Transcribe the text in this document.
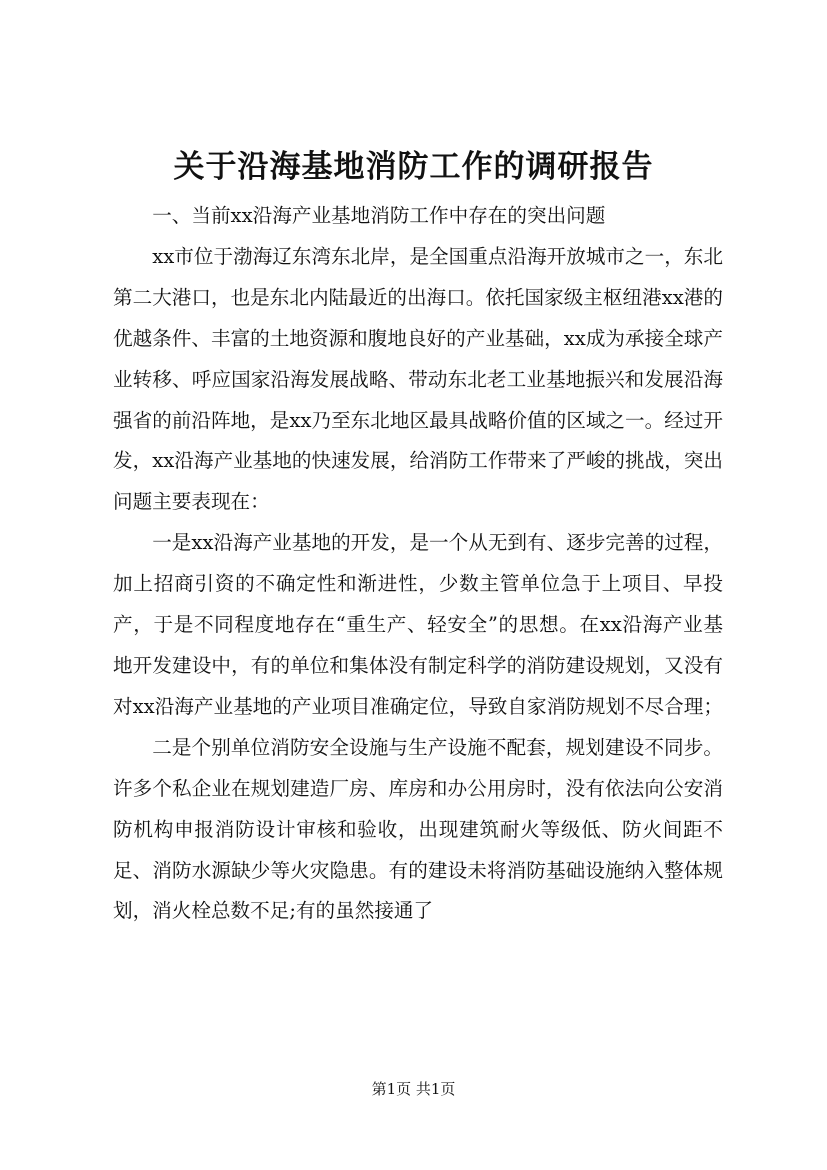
关于沿海基地消防工作的调研报告

一、当前xx沿海产业基地消防工作中存在的突出问题

xx市位于渤海辽东湾东北岸，是全国重点沿海开放城市之一，东北第二大港口，也是东北内陆最近的出海口。依托国家级主枢纽港xx港的优越条件、丰富的土地资源和腹地良好的产业基础，xx成为承接全球产业转移、呼应国家沿海发展战略、带动东北老工业基地振兴和发展沿海强省的前沿阵地，是xx乃至东北地区最具战略价值的区域之一。经过开发，xx沿海产业基地的快速发展，给消防工作带来了严峻的挑战，突出问题主要表现在：

一是xx沿海产业基地的开发，是一个从无到有、逐步完善的过程，加上招商引资的不确定性和渐进性，少数主管单位急于上项目、早投产，于是不同程度地存在“重生产、轻安全”的思想。在xx沿海产业基地开发建设中，有的单位和集体没有制定科学的消防建设规划，又没有对xx沿海产业基地的产业项目准确定位，导致自家消防规划不尽合理；

二是个别单位消防安全设施与生产设施不配套，规划建设不同步。许多个私企业在规划建造厂房、库房和办公用房时，没有依法向公安消防机构申报消防设计审核和验收，出现建筑耐火等级低、防火间距不足、消防水源缺少等火灾隐患。有的建设未将消防基础设施纳入整体规划，消火栓总数不足;有的虽然接通了

第1页 共1页
